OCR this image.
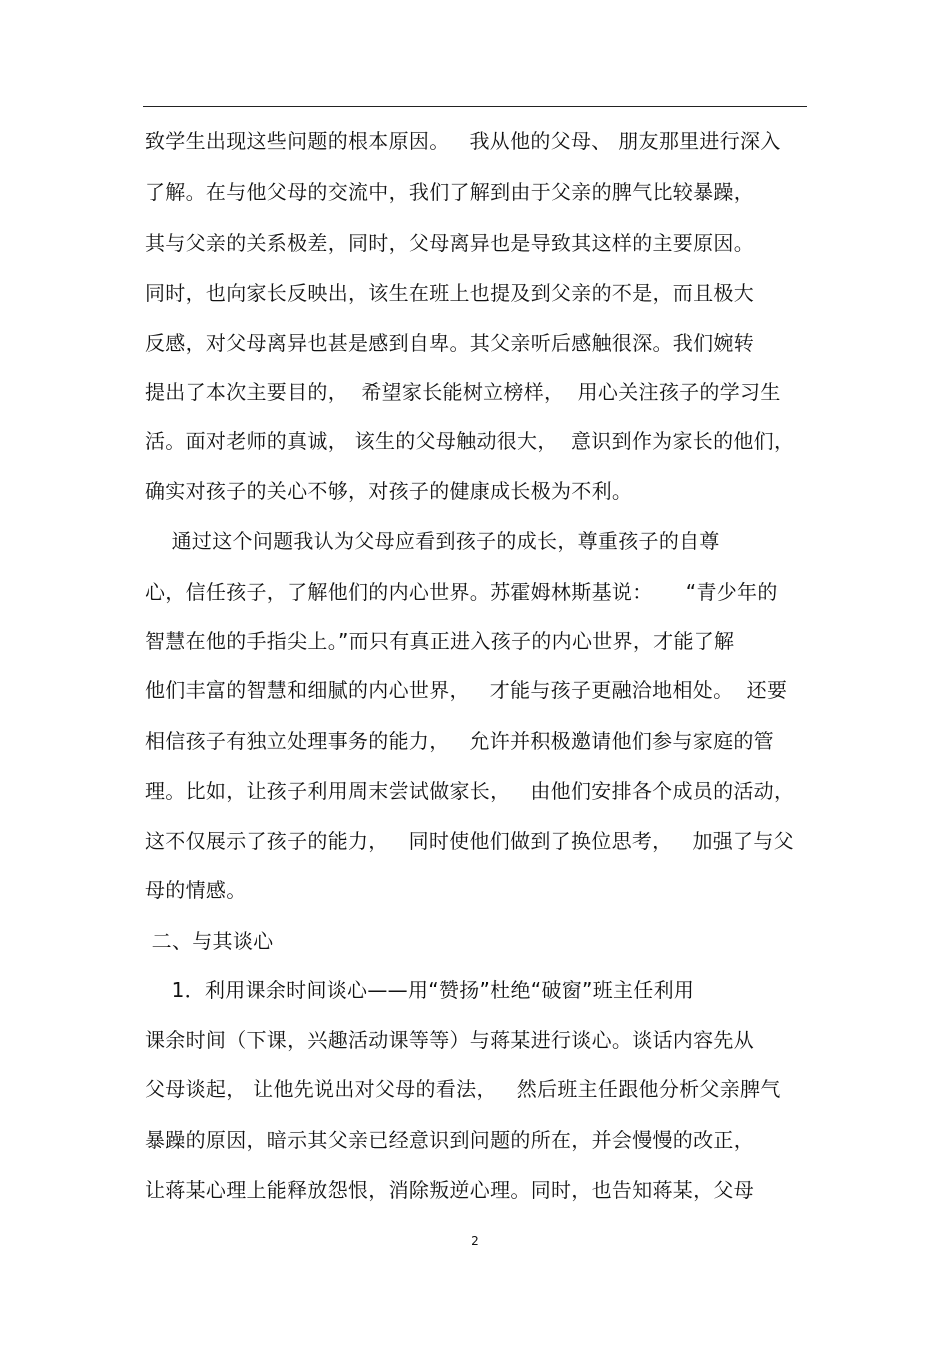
致学生出现这些问题的根本原因。   我从他的父母、 朋友那里进行深入
了解。在与他父母的交流中，我们了解到由于父亲的脾气比较暴躁，
其与父亲的关系极差，同时，父母离异也是导致其这样的主要原因。
同时，也向家长反映出，该生在班上也提及到父亲的不是，而且极大
反感，对父母离异也甚是感到自卑。其父亲听后感触很深。我们婉转
提出了本次主要目的，  希望家长能树立榜样，  用心关注孩子的学习生
活。面对老师的真诚， 该生的父母触动很大，  意识到作为家长的他们，
确实对孩子的关心不够，对孩子的健康成长极为不利。
通过这个问题我认为父母应看到孩子的成长，尊重孩子的自尊
心，信任孩子，了解他们的内心世界。苏霍姆林斯基说：     “青少年的
智慧在他的手指尖上。”而只有真正进入孩子的内心世界，才能了解
他们丰富的智慧和细腻的内心世界，   才能与孩子更融洽地相处。  还要
相信孩子有独立处理事务的能力，   允许并积极邀请他们参与家庭的管
理。比如，让孩子利用周末尝试做家长，   由他们安排各个成员的活动，
这不仅展示了孩子的能力，   同时使他们做到了换位思考，   加强了与父
母的情感。
二、与其谈心
1．利用课余时间谈心——用“赞扬”杜绝“破窗”班主任利用
课余时间（下课，兴趣活动课等等）与蒋某进行谈心。谈话内容先从
父母谈起， 让他先说出对父母的看法，   然后班主任跟他分析父亲脾气
暴躁的原因，暗示其父亲已经意识到问题的所在，并会慢慢的改正，
让蒋某心理上能释放怨恨，消除叛逆心理。同时，也告知蒋某，父母
2
